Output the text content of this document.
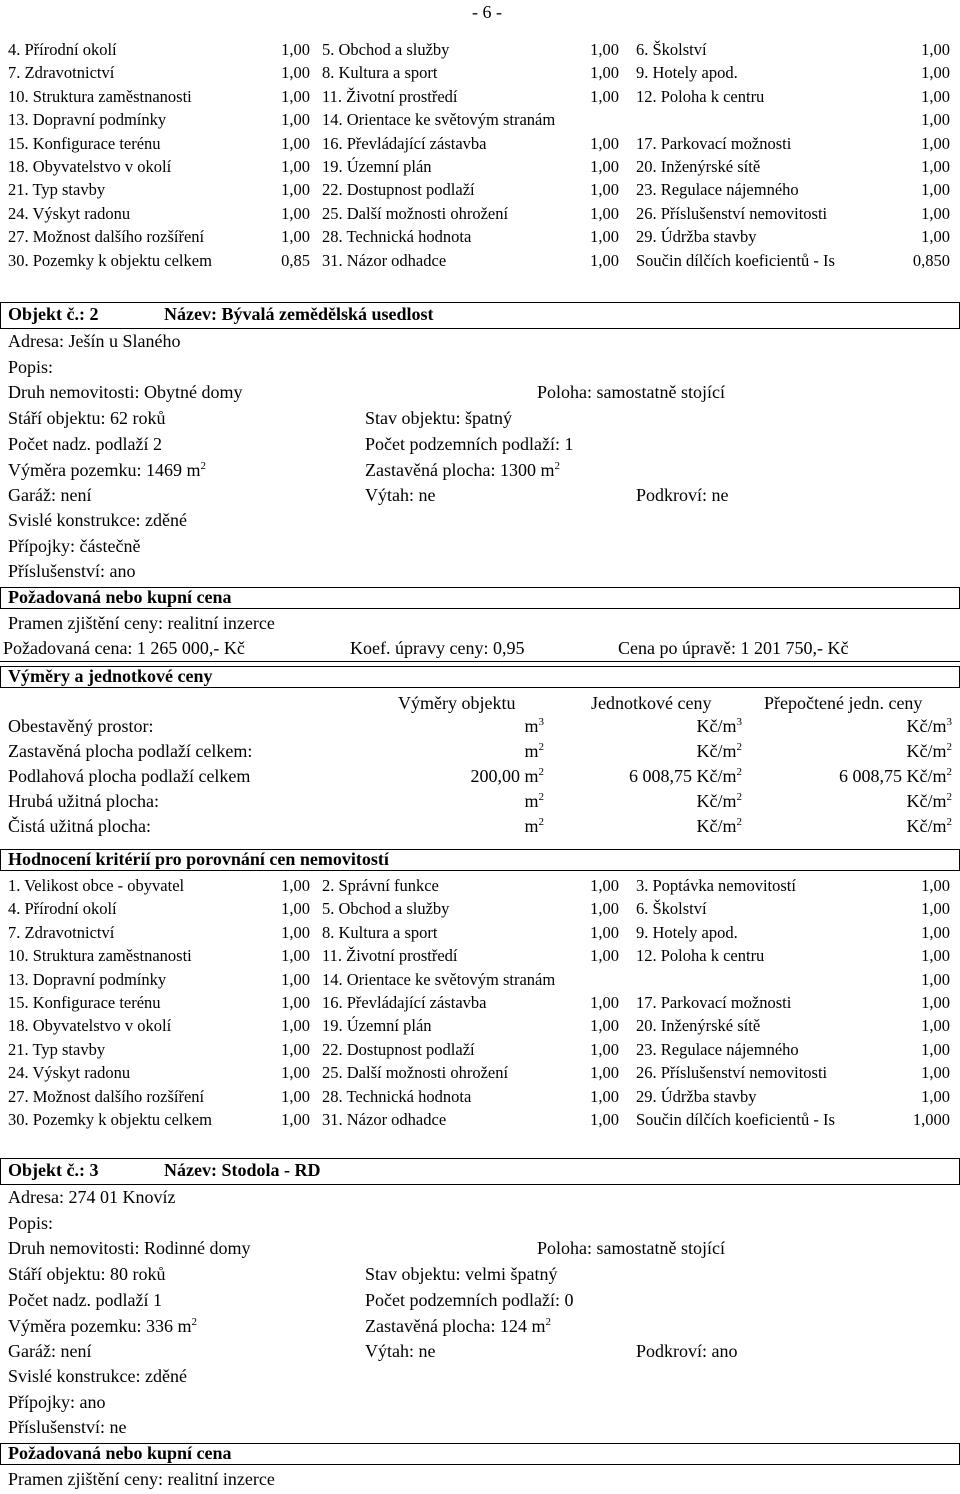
- 6 -
4. Přírodní okolí	1,00 5. Obchod a služby	1,00 6. Školství	1,00
7. Zdravotnictví	1,00 8. Kultura a sport	1,00 9. Hotely apod.	1,00
10. Struktura zaměstnanosti	1,00 11. Životní prostředí	1,00 12. Poloha k centru	1,00
13. Dopravní podmínky	1,00 14. Orientace ke světovým stranám	1,00
15. Konfigurace terénu	1,00 16. Převládající zástavba	1,00 17. Parkovací možnosti	1,00
18. Obyvatelstvo v okolí	1,00 19. Územní plán	1,00 20. Inženýrské sítě	1,00
21. Typ stavby	1,00 22. Dostupnost podlaží	1,00 23. Regulace nájemného	1,00
24. Výskyt radonu	1,00 25. Další možnosti ohrožení	1,00 26. Příslušenství nemovitosti	1,00
27. Možnost dalšího rozšíření	1,00 28. Technická hodnota	1,00 29. Údržba stavby	1,00
30. Pozemky k objektu celkem	0,85 31. Názor odhadce	1,00 Součin dílčích koeficientů - Is	0,850
Objekt č.: 2	Název: Bývalá zemědělská usedlost
Adresa: Ješín u Slaného
Popis:
Druh nemovitosti: Obytné domy	Poloha: samostatně stojící
Stáří objektu: 62 roků	Stav objektu: špatný
Počet nadz. podlaží 2	Počet podzemních podlaží: 1
Výměra pozemku: 1469 $m^2$	Zastavěná plocha: 1300 $m^2$
Garáž: není	Výtah: ne	Podkroví: ne
Svislé konstrukce: zděné
Přípojky: částečně
Příslušenství: ano
Požadovaná nebo kupní cena
Pramen zjištění ceny: realitní inzerce
Požadovaná cena: 1 265 000,- Kč	Koef. úpravy ceny: 0,95	Cena po úpravě: 1 201 750,- Kč
Výměry a jednotkové ceny
Výměry objektu	Jednotkové ceny	Přepočtené jedn. ceny
Obestavěný prostor:	$m^3$	$Kč/m^3$	$Kč/m^3$
Zastavěná plocha podlaží celkem:	$m^2$	$Kč/m^2$	$Kč/m^2$
Podlahová plocha podlaží celkem	200,00 $m^2$	6 008,75 $Kč/m^2$	6 008,75 $Kč/m^2$
Hrubá užitná plocha:	$m^2$	$Kč/m^2$	$Kč/m^2$
Čistá užitná plocha:	$m^2$	$Kč/m^2$	$Kč/m^2$
Hodnocení kritérií pro porovnání cen nemovitostí
1. Velikost obce - obyvatel	1,00 2. Správní funkce	1,00 3. Poptávka nemovitostí	1,00
4. Přírodní okolí	1,00 5. Obchod a služby	1,00 6. Školství	1,00
7. Zdravotnictví	1,00 8. Kultura a sport	1,00 9. Hotely apod.	1,00
10. Struktura zaměstnanosti	1,00 11. Životní prostředí	1,00 12. Poloha k centru	1,00
13. Dopravní podmínky	1,00 14. Orientace ke světovým stranám	1,00
15. Konfigurace terénu	1,00 16. Převládající zástavba	1,00 17. Parkovací možnosti	1,00
18. Obyvatelstvo v okolí	1,00 19. Územní plán	1,00 20. Inženýrské sítě	1,00
21. Typ stavby	1,00 22. Dostupnost podlaží	1,00 23. Regulace nájemného	1,00
24. Výskyt radonu	1,00 25. Další možnosti ohrožení	1,00 26. Příslušenství nemovitosti	1,00
27. Možnost dalšího rozšíření	1,00 28. Technická hodnota	1,00 29. Údržba stavby	1,00
30. Pozemky k objektu celkem	1,00 31. Názor odhadce	1,00 Součin dílčích koeficientů - Is	1,000
Objekt č.: 3	Název: Stodola - RD
Adresa: 274 01 Knovíz
Popis:
Druh nemovitosti: Rodinné domy	Poloha: samostatně stojící
Stáří objektu: 80 roků	Stav objektu: velmi špatný
Počet nadz. podlaží 1	Počet podzemních podlaží: 0
Výměra pozemku: 336 $m^2$	Zastavěná plocha: 124 $m^2$
Garáž: není	Výtah: ne	Podkroví: ano
Svislé konstrukce: zděné
Přípojky: ano
Příslušenství: ne
Požadovaná nebo kupní cena
Pramen zjištění ceny: realitní inzerce
